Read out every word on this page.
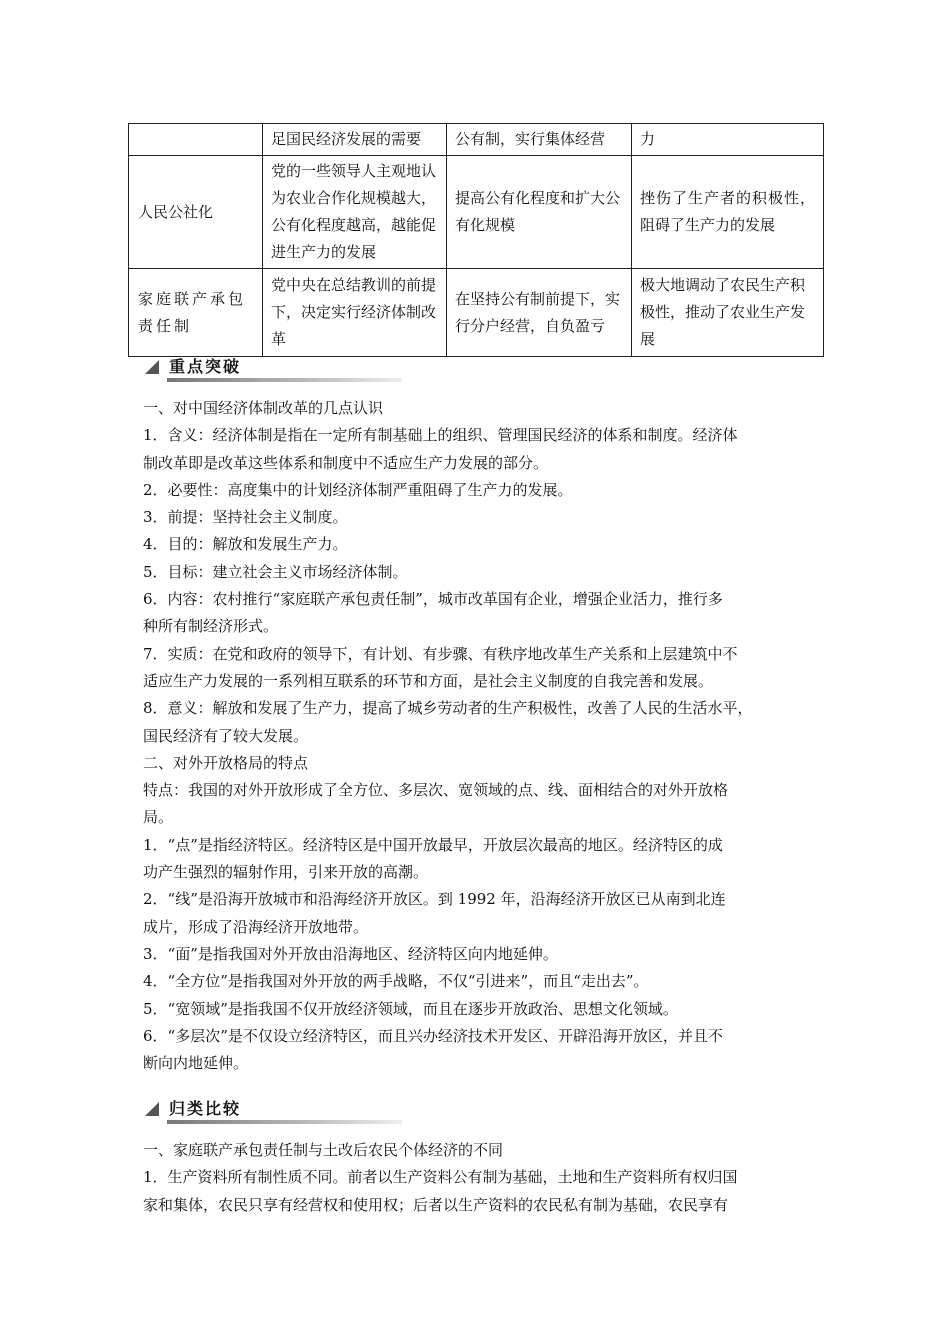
	足国民经济发展的需要	公有制，实行集体经营	力
人民公社化	党的一些领导人主观地认为农业合作化规模越大，公有化程度越高，越能促进生产力的发展	提高公有化程度和扩大公有化规模	挫伤了生产者的积极性，阻碍了生产力的发展
家庭联产承包责任制	党中央在总结教训的前提下，决定实行经济体制改革	在坚持公有制前提下，实行分户经营，自负盈亏	极大地调动了农民生产积极性，推动了农业生产发展
重点突破

一、对中国经济体制改革的几点认识

1．含义：经济体制是指在一定所有制基础上的组织、管理国民经济的体系和制度。经济体

制改革即是改革这些体系和制度中不适应生产力发展的部分。

2．必要性：高度集中的计划经济体制严重阻碍了生产力的发展。

3．前提：坚持社会主义制度。

4．目的：解放和发展生产力。

5．目标：建立社会主义市场经济体制。

6．内容：农村推行“家庭联产承包责任制”，城市改革国有企业，增强企业活力，推行多

种所有制经济形式。

7．实质：在党和政府的领导下，有计划、有步骤、有秩序地改革生产关系和上层建筑中不

适应生产力发展的一系列相互联系的环节和方面，是社会主义制度的自我完善和发展。

8．意义：解放和发展了生产力，提高了城乡劳动者的生产积极性，改善了人民的生活水平，

国民经济有了较大发展。

二、对外开放格局的特点

特点：我国的对外开放形成了全方位、多层次、宽领域的点、线、面相结合的对外开放格

局。

1．“点”是指经济特区。经济特区是中国开放最早，开放层次最高的地区。经济特区的成

功产生强烈的辐射作用，引来开放的高潮。

2．“线”是沿海开放城市和沿海经济开放区。到 1992 年，沿海经济开放区已从南到北连

成片，形成了沿海经济开放地带。

3．“面”是指我国对外开放由沿海地区、经济特区向内地延伸。

4．“全方位”是指我国对外开放的两手战略，不仅“引进来”，而且“走出去”。

5．“宽领域”是指我国不仅开放经济领域，而且在逐步开放政治、思想文化领域。

6．“多层次”是不仅设立经济特区，而且兴办经济技术开发区、开辟沿海开放区，并且不

断向内地延伸。

归类比较

一、家庭联产承包责任制与土改后农民个体经济的不同

1．生产资料所有制性质不同。前者以生产资料公有制为基础，土地和生产资料所有权归国

家和集体，农民只享有经营权和使用权；后者以生产资料的农民私有制为基础，农民享有
